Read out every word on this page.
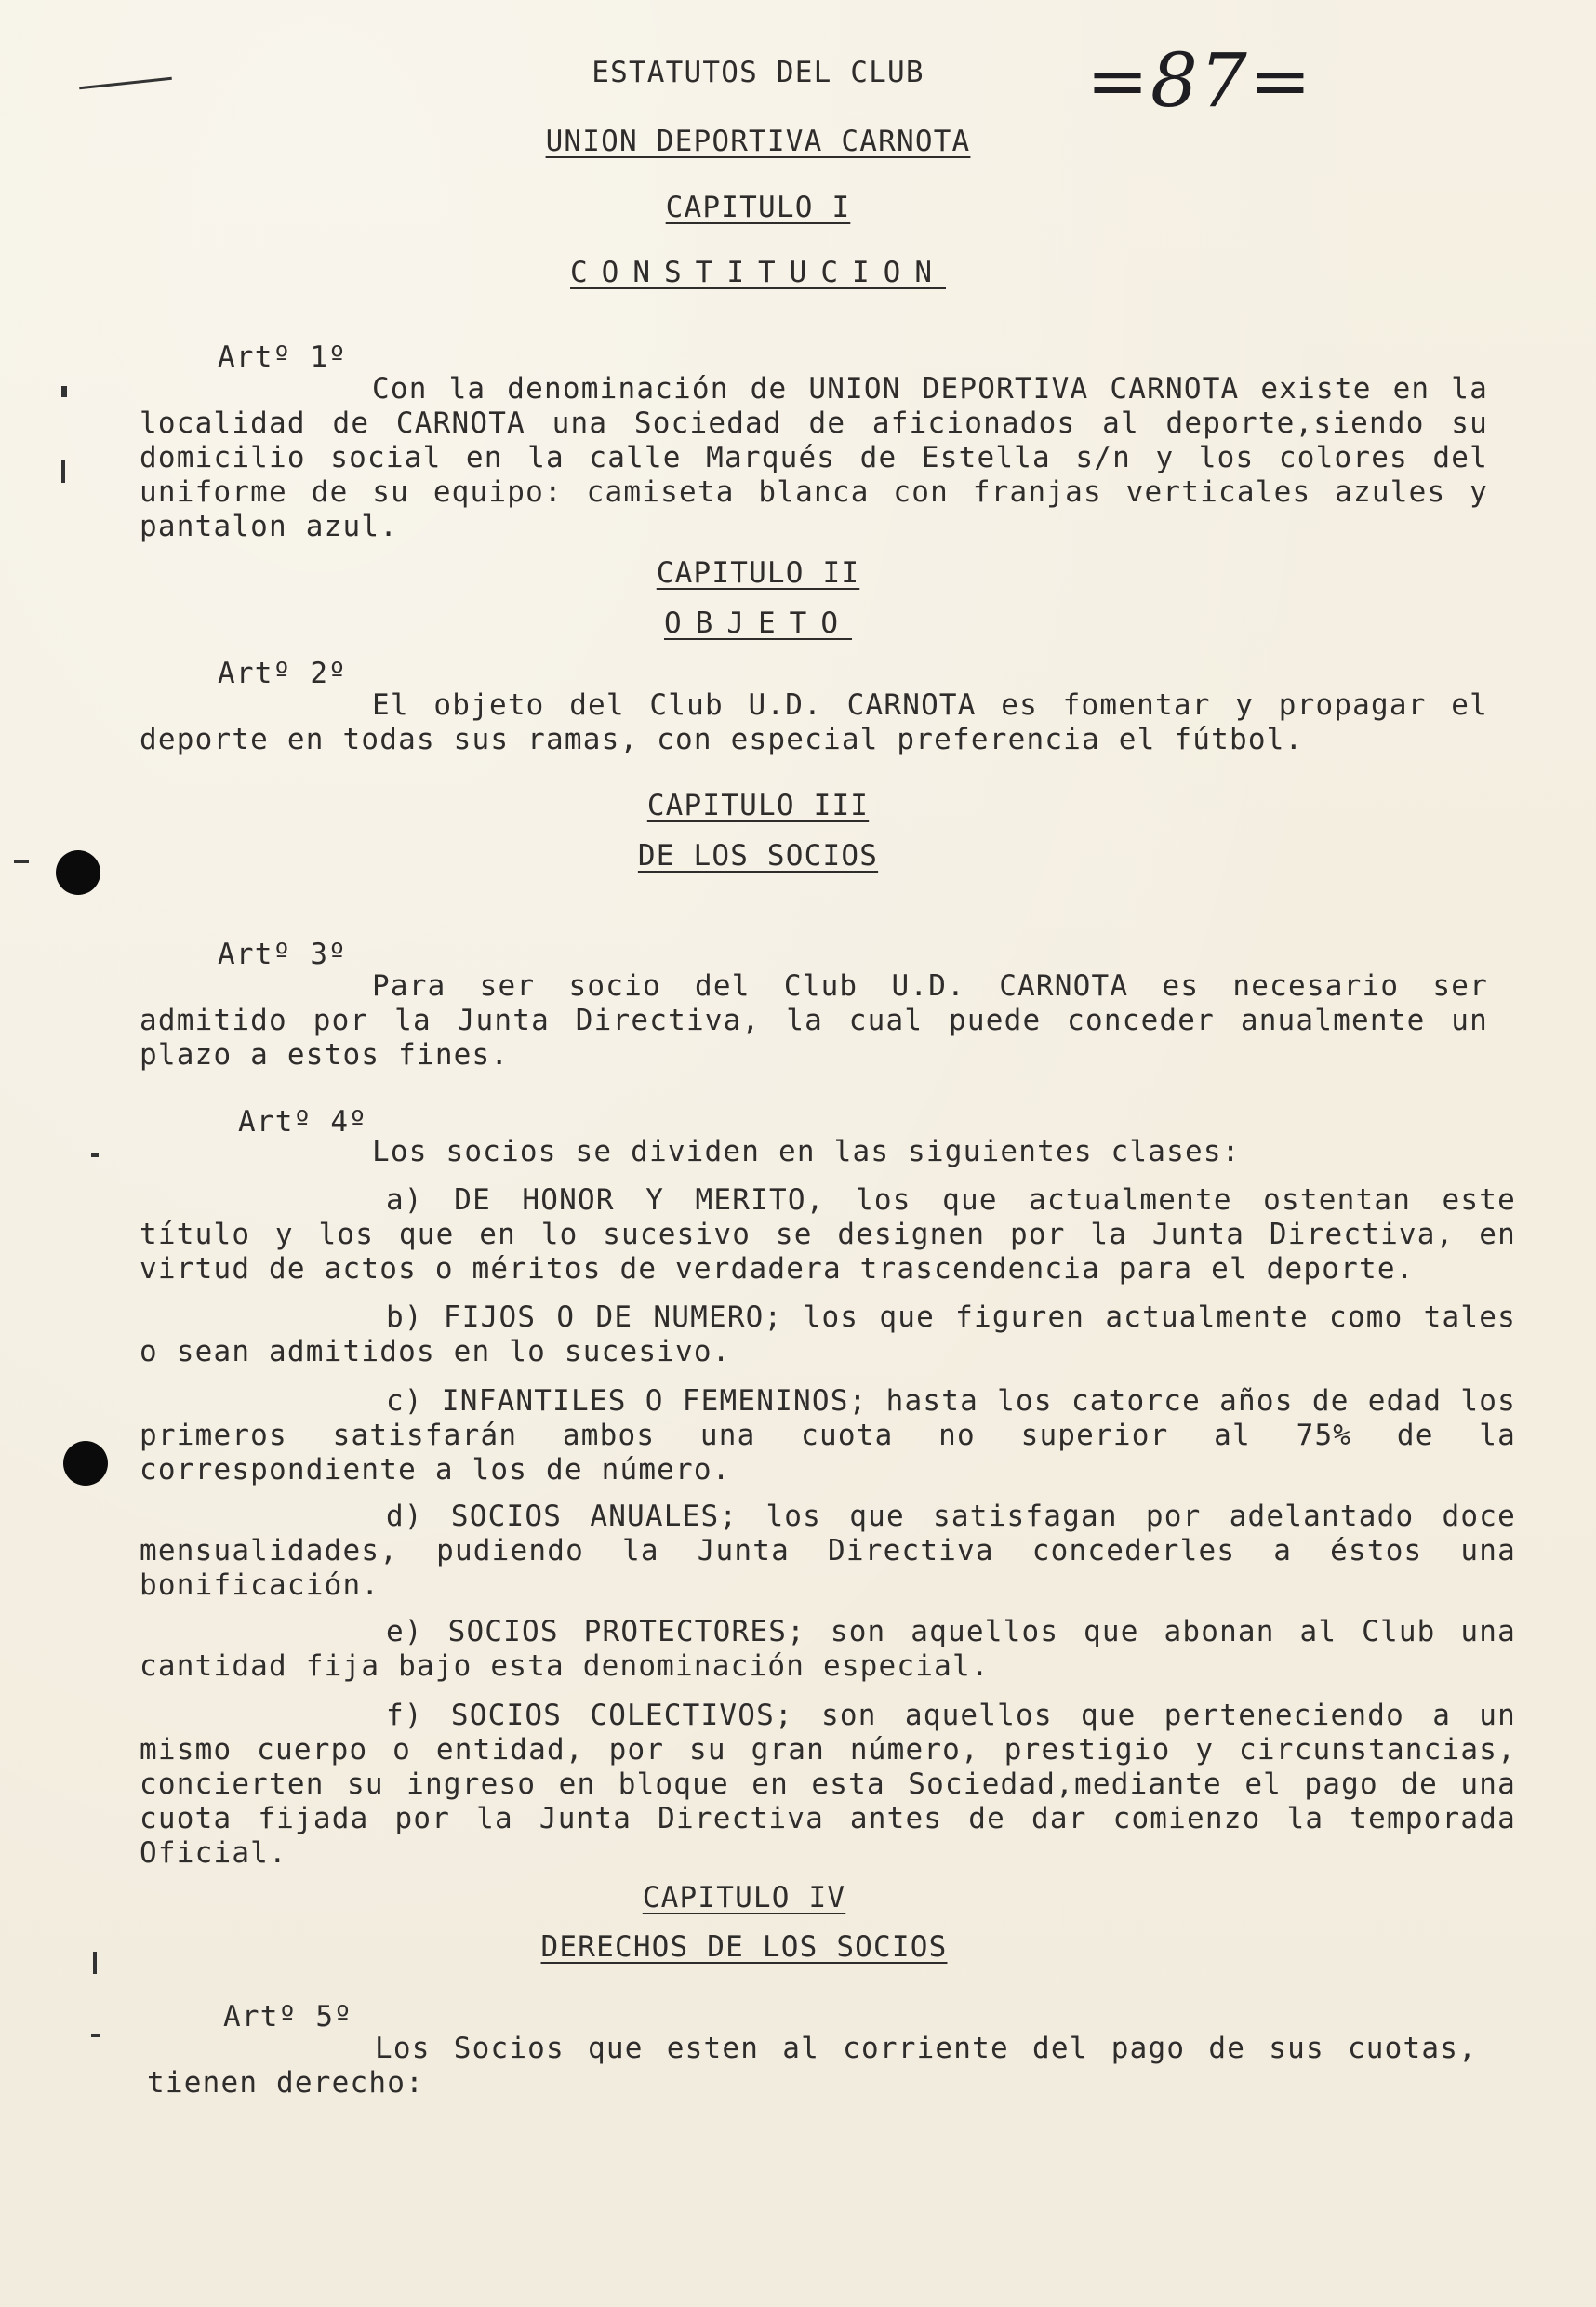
=87=
ESTATUTOS DEL CLUB
UNION DEPORTIVA CARNOTA
CAPITULO I
CONSTITUCION
Artº 1º
Con la denominación de UNION DEPORTIVA CARNOTA existe en la localidad de CARNOTA una Sociedad de aficionados al deporte,siendo su domicilio social en la calle Marqués de Estella s/n y los colores del uniforme de su equipo: camiseta blanca con franjas verticales azules y pantalon azul.
CAPITULO II
OBJETO
Artº 2º
El objeto del Club U.D. CARNOTA es fomentar y propagar el deporte en todas sus ramas, con especial preferencia el fútbol.
CAPITULO III
DE LOS SOCIOS
Artº 3º
Para ser socio del Club U.D. CARNOTA es necesario ser admitido por la Junta Directiva, la cual puede conceder anualmente un plazo a estos fines.
Artº 4º
Los socios se dividen en las siguientes clases:
a) DE HONOR Y MERITO, los que actualmente ostentan este título y los que en lo sucesivo se designen por la Junta Directiva, en virtud de actos o méritos de verdadera trascendencia para el deporte.
b) FIJOS O DE NUMERO; los que figuren actualmente como tales o sean admitidos en lo sucesivo.
c) INFANTILES O FEMENINOS; hasta los catorce años de edad los primeros satisfarán ambos una cuota no superior al 75% de la correspondiente a los de número.
d) SOCIOS ANUALES; los que satisfagan por adelantado doce mensualidades, pudiendo la Junta Directiva concederles a éstos una bonificación.
e) SOCIOS PROTECTORES; son aquellos que abonan al Club una cantidad fija bajo esta denominación especial.
f) SOCIOS COLECTIVOS; son aquellos que perteneciendo a un mismo cuerpo o entidad, por su gran número, prestigio y circunstancias, concierten su ingreso en bloque en esta Sociedad,mediante el pago de una cuota fijada por la Junta Directiva antes de dar comienzo la temporada Oficial.
CAPITULO IV
DERECHOS DE LOS SOCIOS
Artº 5º
Los Socios que esten al corriente del pago de sus cuotas, tienen derecho:
